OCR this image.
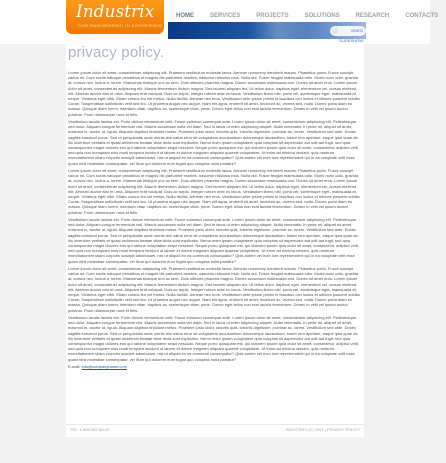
Industrix
OUR ENGINEERING IN EXPERIENCE
HOME	SERVICES	PROJECTS	SOLUTIONS	RESEARCH	CONTACTS
VIDEO SLIDESHOW
privacy policy.

Lorem ipsum dolor sit amet, consectetuer adipiscing elit. Praesent vestibulum molestie lacus. Aenean nonummy hendrerit mauris. Phasellus porta. Fusce suscipit varius mi. Cum sociis natoque penatibus et magnis dis parturient montes, nascetur ridiculus mus. Nulla dui. Fusce feugiat malesuada odio. Morbi nunc odio, gravida at, cursus nec, luctus a, lorem. Maecenas tristique orci ac sem. Duis ultricies pharetra magna. Donec accumsan malesuada orci. Donec sit amet eros. Lorem ipsum dolor sit amet, consectetuer adipiscing elit. Mauris fermentum dictum magna. Sed laoreet aliquam leo. Ut tellus dolor, dapibus eget, elementum vel, cursus eleifend, elit. Aenean auctor wisi et urna. Aliquam erat volutpat. Duis ac turpis. Integer rutrum ante eu lacus. Vestibulum libero nisl, porta vel, scelerisque eget, malesuada at, neque. Vivamus eget nibh. Etiam cursus leo vel metus. Nulla facilisi. Aenean nec eros. Vestibulum ante ipsum primis in faucibus orci luctus et ultrices posuere cubilia Curae; Suspendisse sollicitudin velit sed leo. Ut pharetra augue nec augue. Nam elit agna, endrerit sit amet, tincidunt ac, viverra sed, nulla. Donec porta diam eu massa. Quisque diam lorem, interdum vitae, dapibus ac, scelerisque vitae, pede. Donec eget tellus non erat lacinia fermentum. Donec in velit vel ipsum auctor pulvinar. Proin ullamcorper urna et felis.

Vestibulum iaculis lacinia est. Proin dictum elementum velit. Fusce euismod consequat ante. Lorem ipsum dolor sit amet, consectetuer adipiscing elit. Pellentesque sed dolor. Aliquam congue fermentum nisl. Mauris accumsan nulla vel diam. Sed in lacus ut enim adipiscing aliquet. Nulla venenatis. In pede mi, aliquet sit amet, euismod in, auctor ut, ligula. Aliquam dapibus tincidunt metus. Praesent justo dolor, lobortis quis, lobortis dignissim, pulvinar ac, lorem. Vestibulum sed ante. Donec sagittis euismod purus. Sed ut perspiciatis unde omnis iste natus error sit voluptatem accusantium doloremque laudantium, totam rem aperiam, eaque ipsa quae ab illo inventore veritatis et quasi architecto beatae vitae dicta sunt explicabo. Nemo enim ipsam voluptatem quia voluptas sit aspernatur aut odit aut fugit, sed quia consequuntur magni dolores eos qui ratione voluptatem sequi nesciunt. Neque porro quisquam est, qui dolorem ipsum quia dolor sit amet, consectetur, adipisci velit, sed quia non numquam eius modi tempora incidunt ut labore et dolore magnam aliquam quaerat voluptatem. Ut enim ad minima veniam, quis nostrum exercitationem ullam corporis suscipit laboriosam, nisi ut aliquid ex ea commodi consequatur? Quis autem vel eum iure reprehenderit qui in ea voluptate velit esse quam nihil molestiae consequatur, vel illum qui dolorem eum fugiat quo voluptas nulla pariatur?

Lorem ipsum dolor sit amet, consectetuer adipiscing elit. Praesent vestibulum molestie lacus. Aenean nonummy hendrerit mauris. Phasellus porta. Fusce suscipit varius mi. Cum sociis natoque penatibus et magnis dis parturient montes, nascetur ridiculus mus. Nulla dui. Fusce feugiat malesuada odio. Morbi nunc odio, gravida at, cursus nec, luctus a, lorem. Maecenas tristique orci ac sem. Duis ultricies pharetra magna. Donec accumsan malesuada orci. Donec sit amet eros. Lorem ipsum dolor sit amet, consectetuer adipiscing elit. Mauris fermentum dictum magna. Sed laoreet aliquam leo. Ut tellus dolor, dapibus eget, elementum vel, cursus eleifend, elit. Aenean auctor wisi et urna. Aliquam erat volutpat. Duis ac turpis. Integer rutrum ante eu lacus. Vestibulum libero nisl, porta vel, scelerisque eget, malesuada at, neque. Vivamus eget nibh. Etiam cursus leo vel metus. Nulla facilisi. Aenean nec eros. Vestibulum ante ipsum primis in faucibus orci luctus et ultrices posuere cubilia Curae; Suspendisse sollicitudin velit sed leo. Ut pharetra augue nec augue. Nam elit agna, endrerit sit amet, tincidunt ac, viverra sed, nulla. Donec porta diam eu massa. Quisque diam lorem, interdum vitae, dapibus ac, scelerisque vitae, pede. Donec eget tellus non erat lacinia fermentum. Donec in velit vel ipsum auctor pulvinar. Proin ullamcorper urna et felis.

Vestibulum iaculis lacinia est. Proin dictum elementum velit. Fusce euismod consequat ante. Lorem ipsum dolor sit amet, consectetuer adipiscing elit. Pellentesque sed dolor. Aliquam congue fermentum nisl. Mauris accumsan nulla vel diam. Sed in lacus ut enim adipiscing aliquet. Nulla venenatis. In pede mi, aliquet sit amet, euismod in, auctor ut, ligula. Aliquam dapibus tincidunt metus. Praesent justo dolor, lobortis quis, lobortis dignissim, pulvinar ac, lorem. Vestibulum sed ante. Donec sagittis euismod purus. Sed ut perspiciatis unde omnis iste natus error sit voluptatem accusantium doloremque laudantium, totam rem aperiam, eaque ipsa quae ab illo inventore veritatis et quasi architecto beatae vitae dicta sunt explicabo. Nemo enim ipsam voluptatem quia voluptas sit aspernatur aut odit aut fugit, sed quia consequuntur magni dolores eos qui ratione voluptatem sequi nesciunt. Neque porro quisquam est, qui dolorem ipsum quia dolor sit amet, consectetur, adipisci velit, sed quia non numquam eius modi tempora incidunt ut labore et dolore magnam aliquam quaerat voluptatem. Ut enim ad minima veniam, quis nostrum exercitationem ullam corporis suscipit laboriosam, nisi ut aliquid ex ea commodi consequatur? Quis autem vel eum iure reprehenderit qui in ea voluptate velit esse quam nihil molestiae consequatur, vel illum qui dolorem eum fugiat quo voluptas nulla pariatur?

Lorem ipsum dolor sit amet, consectetuer adipiscing elit. Praesent vestibulum molestie lacus. Aenean nonummy hendrerit mauris. Phasellus porta. Fusce suscipit varius mi. Cum sociis natoque penatibus et magnis dis parturient montes, nascetur ridiculus mus. Nulla dui. Fusce feugiat malesuada odio. Morbi nunc odio, gravida at, cursus nec, luctus a, lorem. Maecenas tristique orci ac sem. Duis ultricies pharetra magna. Donec accumsan malesuada orci. Donec sit amet eros. Lorem ipsum dolor sit amet, consectetuer adipiscing elit. Mauris fermentum dictum magna. Sed laoreet aliquam leo. Ut tellus dolor, dapibus eget, elementum vel, cursus eleifend, elit. Aenean auctor wisi et urna. Aliquam erat volutpat. Duis ac turpis. Integer rutrum ante eu lacus. Vestibulum libero nisl, porta vel, scelerisque eget, malesuada at, neque. Vivamus eget nibh. Etiam cursus leo vel metus. Nulla facilisi. Aenean nec eros. Vestibulum ante ipsum primis in faucibus orci luctus et ultrices posuere cubilia Curae; Suspendisse sollicitudin velit sed leo. Ut pharetra augue nec augue. Nam elit agna, endrerit sit amet, tincidunt ac, viverra sed, nulla. Donec porta diam eu massa. Quisque diam lorem, interdum vitae, dapibus ac, scelerisque vitae, pede. Donec eget tellus non erat lacinia fermentum. Donec in velit vel ipsum auctor pulvinar. Proin ullamcorper urna et felis.

Vestibulum iaculis lacinia est. Proin dictum elementum velit. Fusce euismod consequat ante. Lorem ipsum dolor sit amet, consectetuer adipiscing elit. Pellentesque sed dolor. Aliquam congue fermentum nisl. Mauris accumsan nulla vel diam. Sed in lacus ut enim adipiscing aliquet. Nulla venenatis. In pede mi, aliquet sit amet, euismod in, auctor ut, ligula. Aliquam dapibus tincidunt metus. Praesent justo dolor, lobortis quis, lobortis dignissim, pulvinar ac, lorem. Vestibulum sed ante. Donec sagittis euismod purus. Sed ut perspiciatis unde omnis iste natus error sit voluptatem accusantium doloremque laudantium, totam rem aperiam, eaque ipsa quae ab illo inventore veritatis et quasi architecto beatae vitae dicta sunt explicabo. Nemo enim ipsam voluptatem quia voluptas sit aspernatur aut odit aut fugit, sed quia consequuntur magni dolores eos qui ratione voluptatem sequi nesciunt. Neque porro quisquam est, qui dolorem ipsum quia dolor sit amet, consectetur, adipisci velit, sed quia non numquam eius modi tempora incidunt ut labore et dolore magnam aliquam quaerat voluptatem. Ut enim ad minima veniam, quis nostrum exercitationem ullam corporis suscipit laboriosam, nisi ut aliquid ex ea commodi consequatur? Quis autem vel eum iure reprehenderit qui in ea voluptate velit esse quam nihil molestiae consequatur, vel illum qui dolorem eum fugiat quo voluptas nulla pariatur?

E-mail: info@companyname.com
TEL: 1-800-987-65-00	INDUSTRIX (C) 2007 | PRIVACY POLICY
